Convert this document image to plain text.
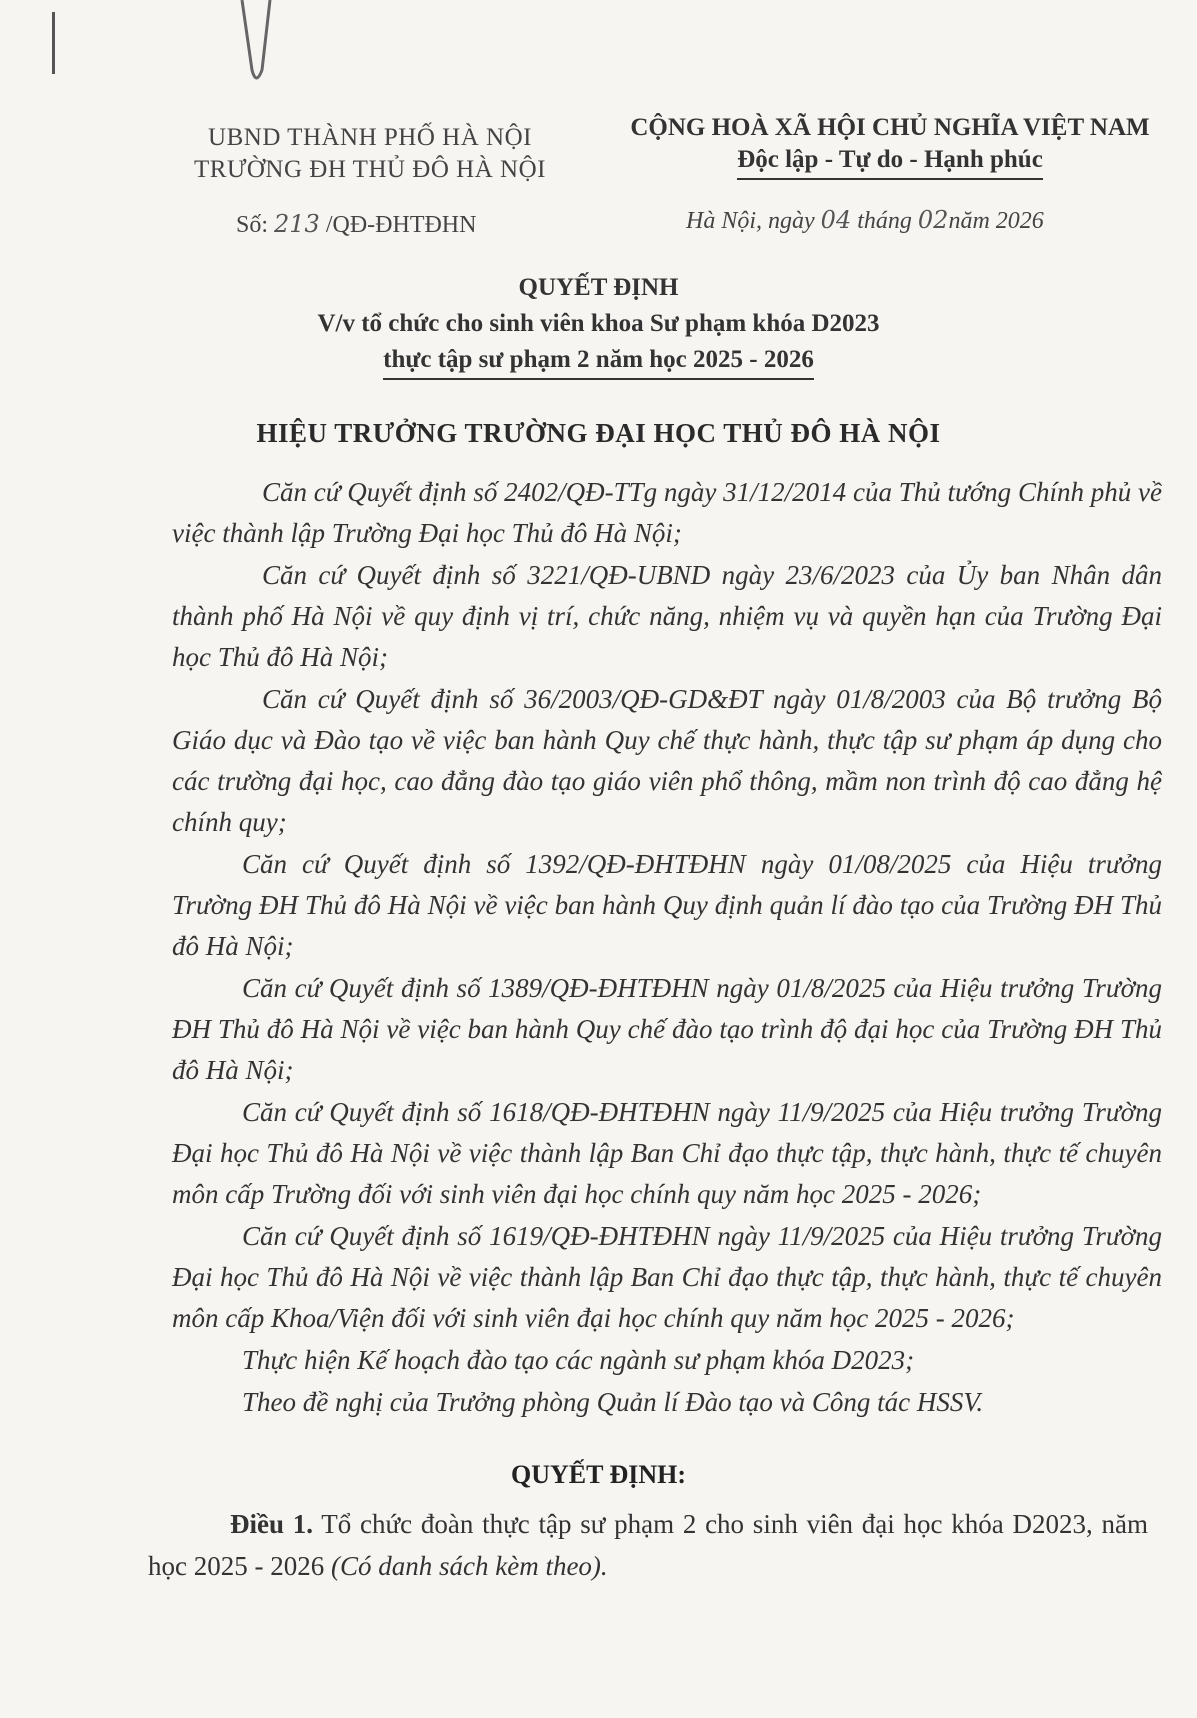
UBND THÀNH PHỐ HÀ NỘI
TRƯỜNG ĐH THỦ ĐÔ HÀ NỘI
CỘNG HOÀ XÃ HỘI CHỦ NGHĨA VIỆT NAM
Độc lập - Tự do - Hạnh phúc
Số: 213 /QĐ-ĐHTĐHN	Hà Nội, ngày 04 tháng 02năm 2026
QUYẾT ĐỊNH
V/v tổ chức cho sinh viên khoa Sư phạm khóa D2023
thực tập sư phạm 2 năm học 2025 - 2026
HIỆU TRƯỞNG TRƯỜNG ĐẠI HỌC THỦ ĐÔ HÀ NỘI

Căn cứ Quyết định số 2402/QĐ-TTg ngày 31/12/2014 của Thủ tướng Chính phủ về việc thành lập Trường Đại học Thủ đô Hà Nội;

Căn cứ Quyết định số 3221/QĐ-UBND ngày 23/6/2023 của Ủy ban Nhân dân thành phố Hà Nội về quy định vị trí, chức năng, nhiệm vụ và quyền hạn của Trường Đại học Thủ đô Hà Nội;

Căn cứ Quyết định số 36/2003/QĐ-GD&ĐT ngày 01/8/2003 của Bộ trưởng Bộ Giáo dục và Đào tạo về việc ban hành Quy chế thực hành, thực tập sư phạm áp dụng cho các trường đại học, cao đẳng đào tạo giáo viên phổ thông, mầm non trình độ cao đẳng hệ chính quy;

Căn cứ Quyết định số 1392/QĐ-ĐHTĐHN ngày 01/08/2025 của Hiệu trưởng Trường ĐH Thủ đô Hà Nội về việc ban hành Quy định quản lí đào tạo của Trường ĐH Thủ đô Hà Nội;

Căn cứ Quyết định số 1389/QĐ-ĐHTĐHN ngày 01/8/2025 của Hiệu trưởng Trường ĐH Thủ đô Hà Nội về việc ban hành Quy chế đào tạo trình độ đại học của Trường ĐH Thủ đô Hà Nội;

Căn cứ Quyết định số 1618/QĐ-ĐHTĐHN ngày 11/9/2025 của Hiệu trưởng Trường Đại học Thủ đô Hà Nội về việc thành lập Ban Chỉ đạo thực tập, thực hành, thực tế chuyên môn cấp Trường đối với sinh viên đại học chính quy năm học 2025 - 2026;

Căn cứ Quyết định số 1619/QĐ-ĐHTĐHN ngày 11/9/2025 của Hiệu trưởng Trường Đại học Thủ đô Hà Nội về việc thành lập Ban Chỉ đạo thực tập, thực hành, thực tế chuyên môn cấp Khoa/Viện đối với sinh viên đại học chính quy năm học 2025 - 2026;

Thực hiện Kế hoạch đào tạo các ngành sư phạm khóa D2023;

Theo đề nghị của Trưởng phòng Quản lí Đào tạo và Công tác HSSV.

QUYẾT ĐỊNH:
Điều 1. Tổ chức đoàn thực tập sư phạm 2 cho sinh viên đại học khóa D2023, năm học 2025 - 2026 (Có danh sách kèm theo).
